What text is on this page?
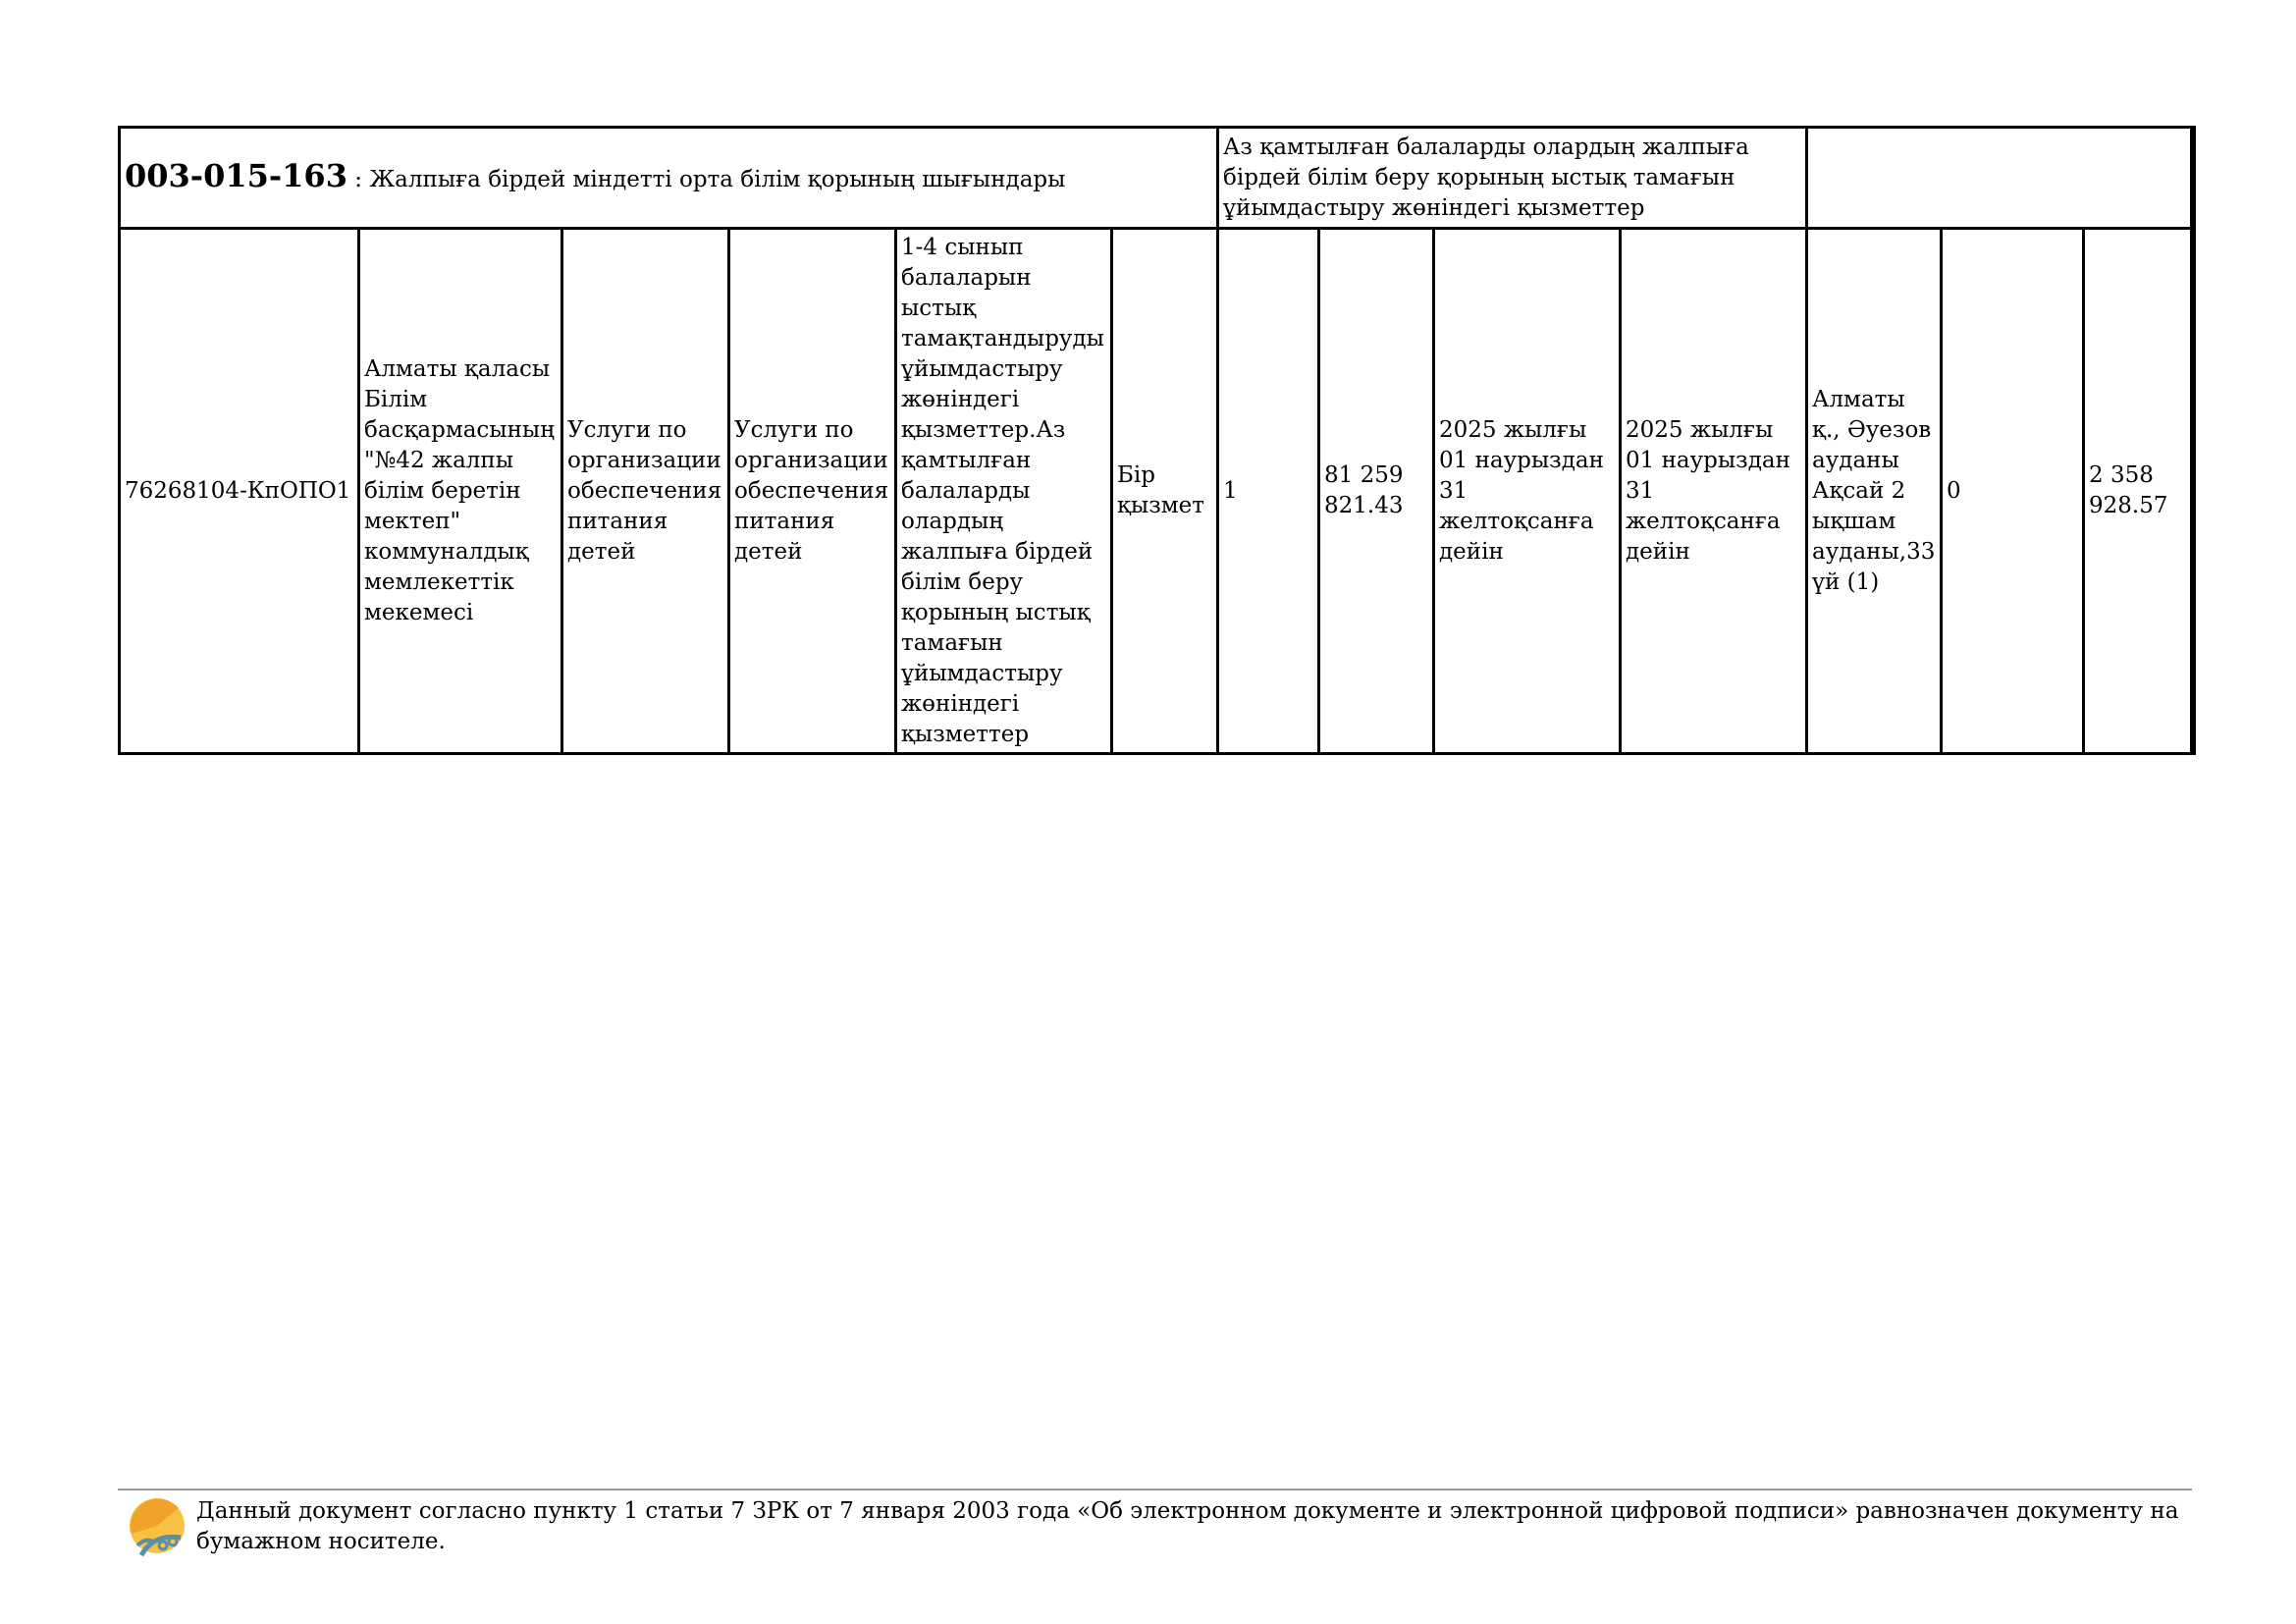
003-015-163 : Жалпыға бірдей міндетті орта білім қорының шығындары						Аз қамтылған балаларды олардың жалпыға бірдей білім беру қорының ыстық тамағын ұйымдастыру жөніндегі қызметтер						
76268104-КпОПО1	Алматы қаласы Білім басқармасының "№42 жалпы білім беретін мектеп" коммуналдық мемлекеттік мекемесі	Услуги по организации обеспечения питания детей	Услуги по организации обеспечения питания детей	1-4 сынып балаларын ыстық тамақтандыруды ұйымдастыру жөніндегі қызметтер.Аз қамтылған балаларды олардың жалпыға бірдей білім беру қорының ыстық тамағын ұйымдастыру жөніндегі қызметтер	Бір қызмет	1	81 259 821.43	2025 жылғы 01 наурыздан 31 желтоқсанға дейін	2025 жылғы 01 наурыздан 31 желтоқсанға дейін	Алматы қ., Әуезов ауданы Ақсай 2 ықшам ауданы,33 үй (1)	0	2 358 928.57
Данный документ согласно пункту 1 статьи 7 ЗРК от 7 января 2003 года «Об электронном документе и электронной цифровой подписи» равнозначен документу на бумажном носителе.
